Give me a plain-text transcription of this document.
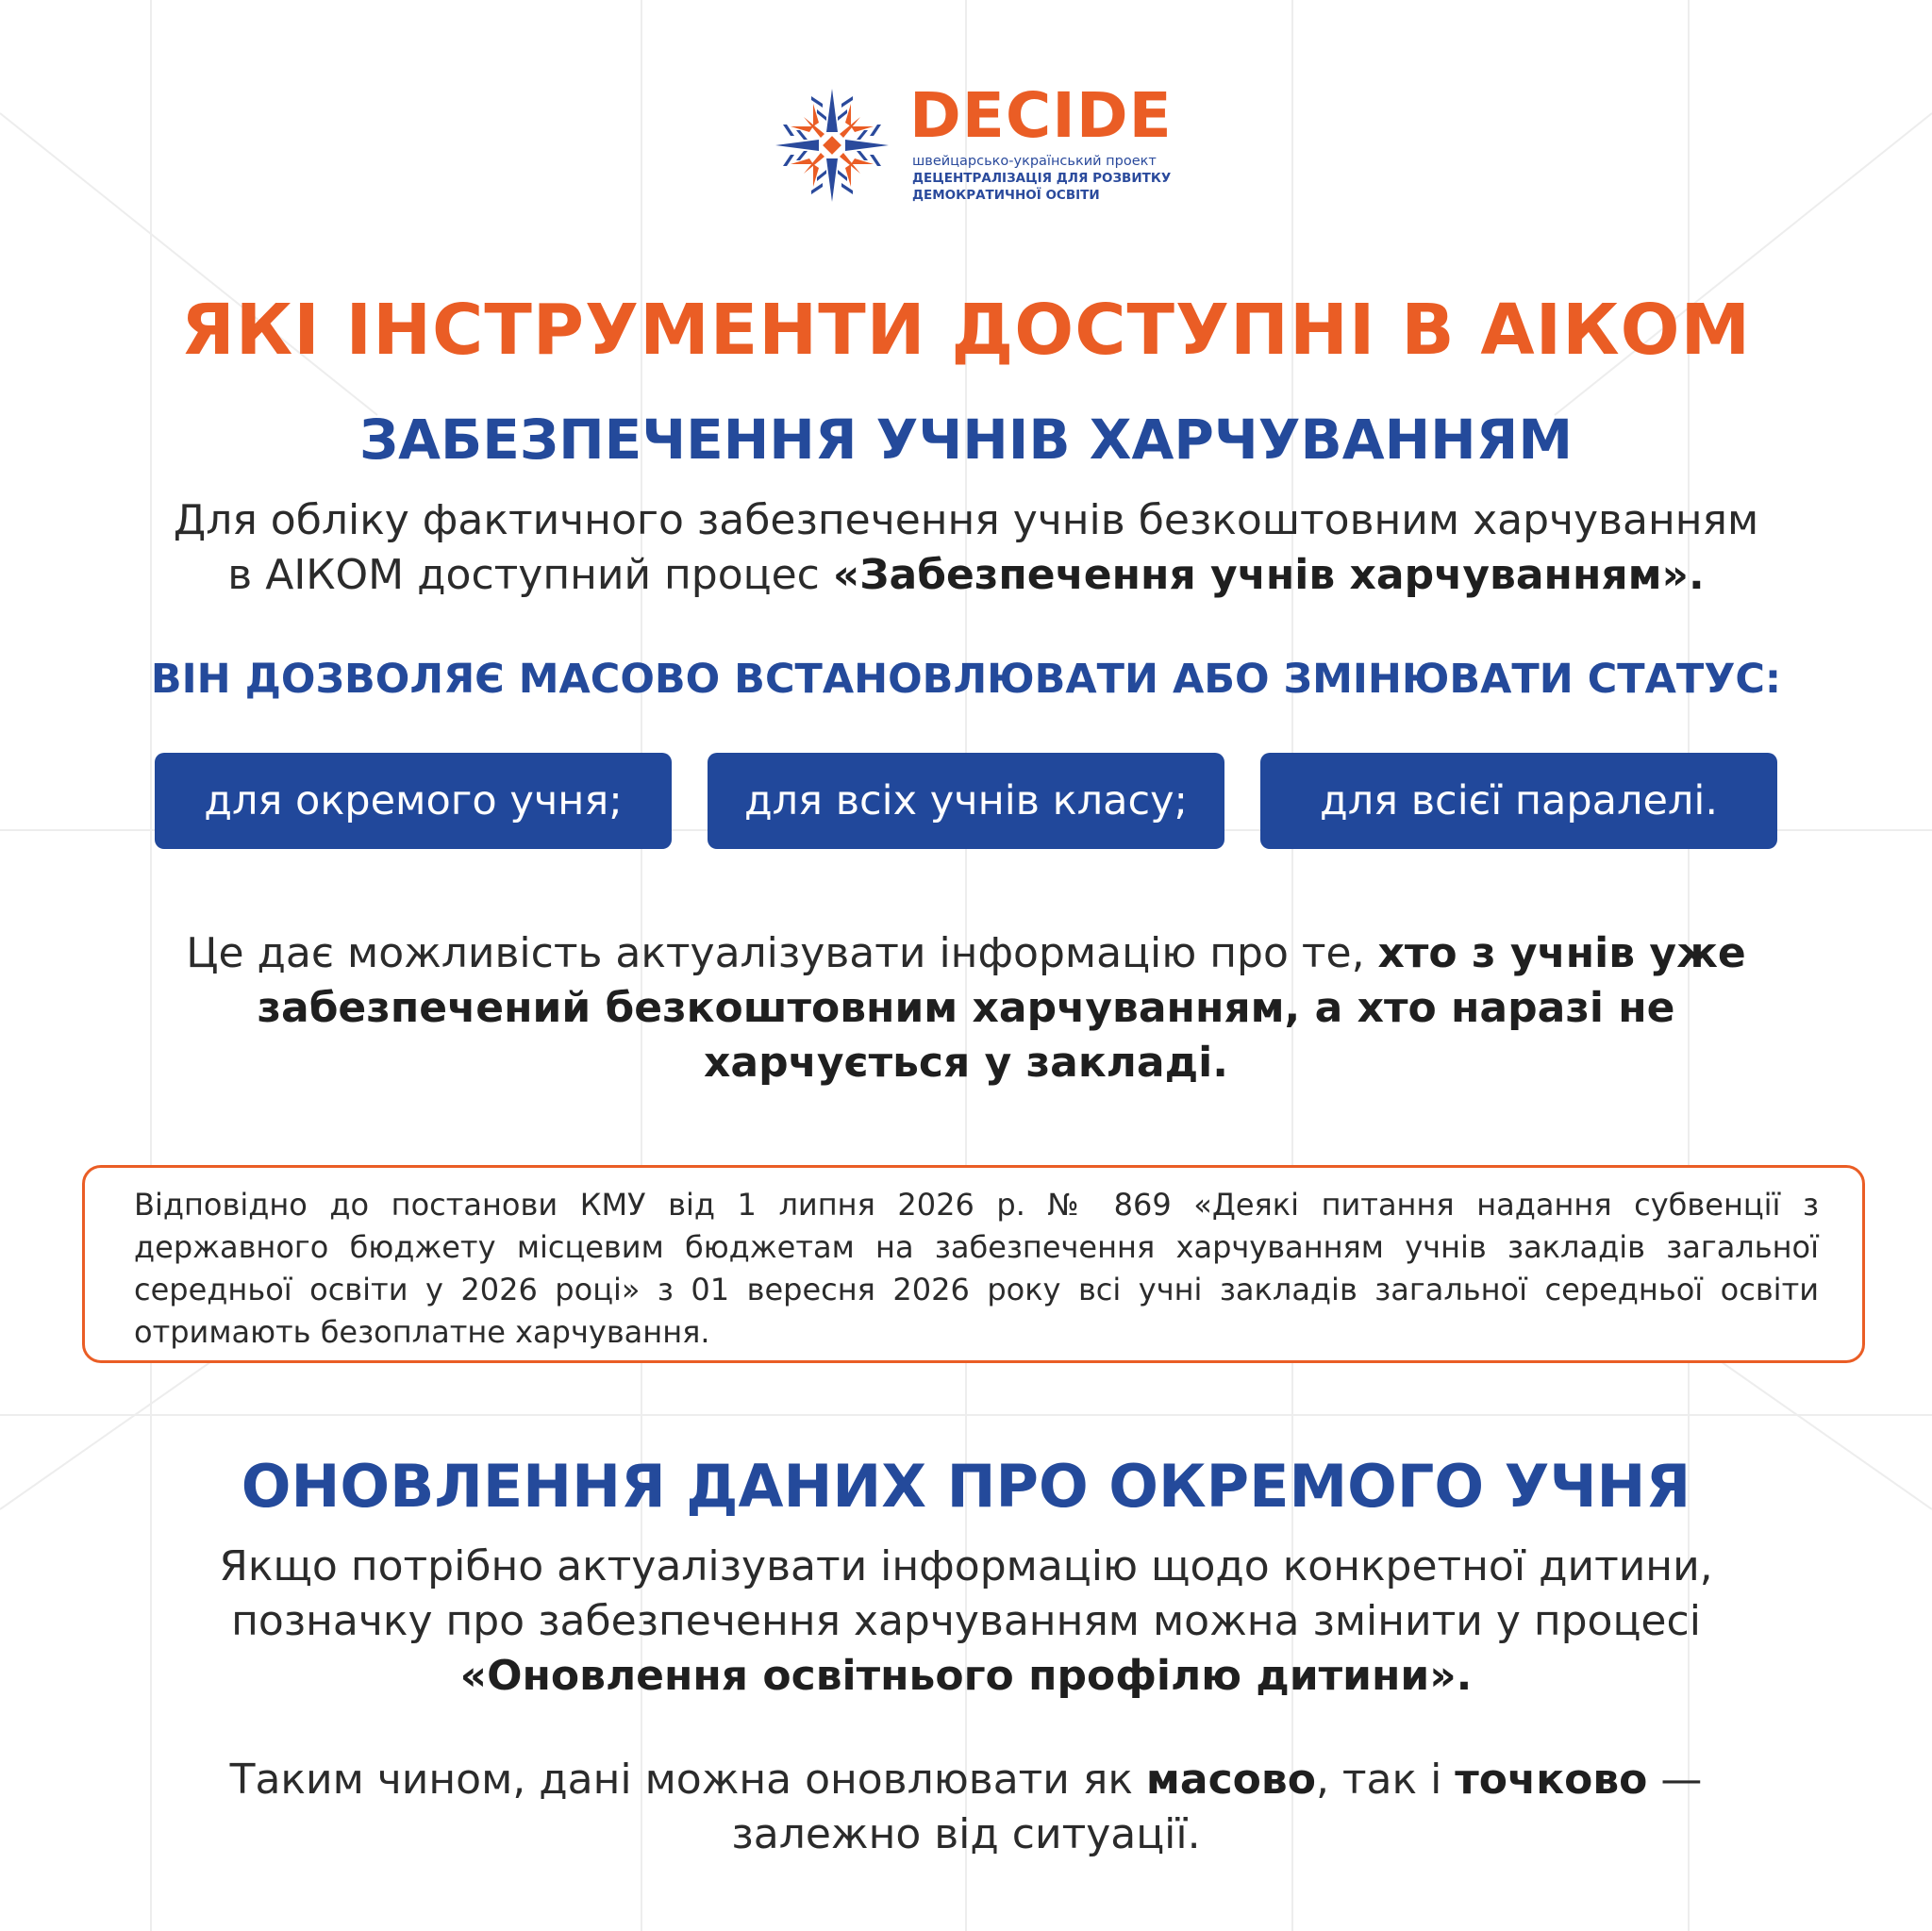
DECIDE
швейцарсько-український проект
ДЕЦЕНТРАЛІЗАЦІЯ ДЛЯ РОЗВИТКУ
ДЕМОКРАТИЧНОЇ ОСВІТИ
ЯКІ ІНСТРУМЕНТИ ДОСТУПНІ В АІКОМ
ЗАБЕЗПЕЧЕННЯ УЧНІВ ХАРЧУВАННЯМ
Для обліку фактичного забезпечення учнів безкоштовним харчуванням
в АІКОМ доступний процес «Забезпечення учнів харчуванням».
ВІН ДОЗВОЛЯЄ МАСОВО ВСТАНОВЛЮВАТИ АБО ЗМІНЮВАТИ СТАТУС:
для окремого учня;	для всіх учнів класу;	для всієї паралелі.
Це дає можливість актуалізувати інформацію про те, хто з учнів уже
забезпечений безкоштовним харчуванням, а хто наразі не
харчується у закладі.
Відповідно до постанови КМУ від 1 липня 2026 р. № 869 «Деякі питання надання субвенції з державного бюджету місцевим бюджетам на забезпечення харчуванням учнів закладів загальної середньої освіти у 2026 році» з 01 вересня 2026 року всі учні закладів загальної середньої освіти отримають безоплатне харчування.
ОНОВЛЕННЯ ДАНИХ ПРО ОКРЕМОГО УЧНЯ
Якщо потрібно актуалізувати інформацію щодо конкретної дитини,
позначку про забезпечення харчуванням можна змінити у процесі
«Оновлення освітнього профілю дитини».
Таким чином, дані можна оновлювати як масово, так і точково —
залежно від ситуації.
